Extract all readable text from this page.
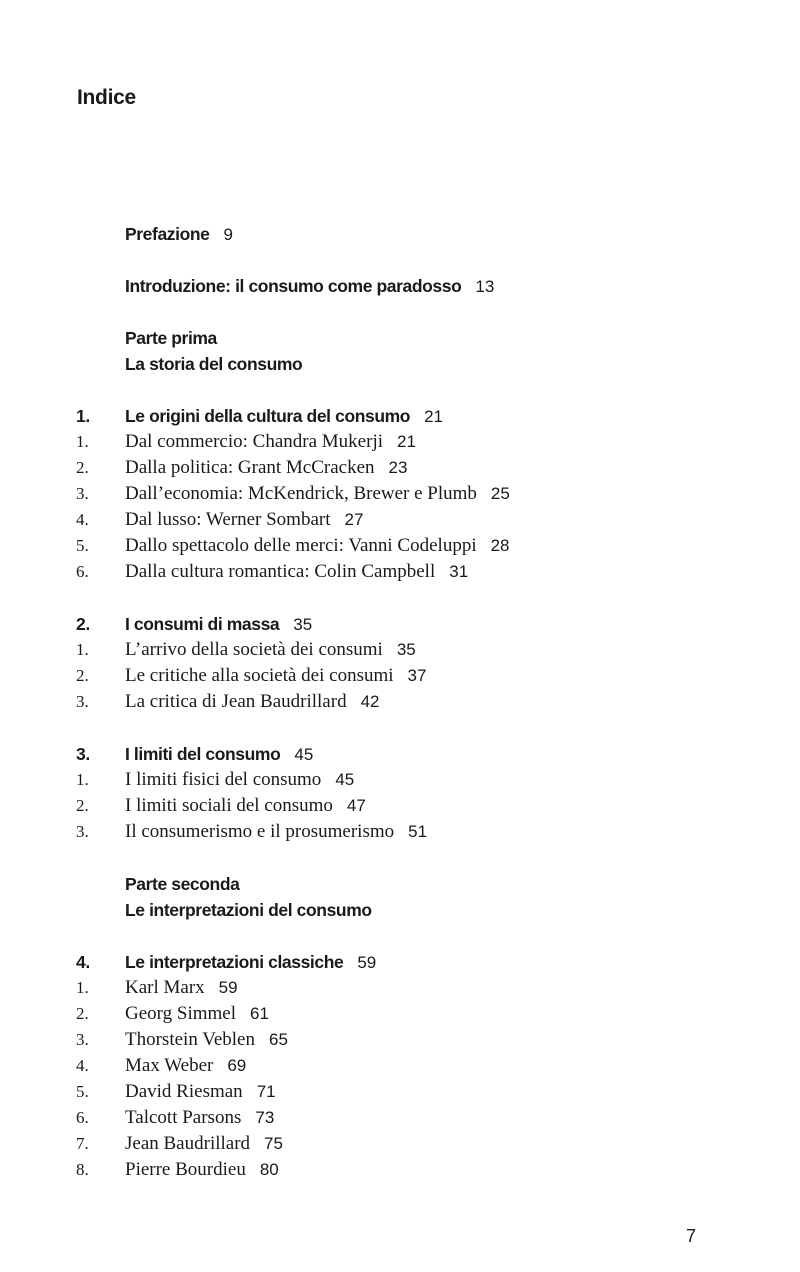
Indice
Prefazione 9
Introduzione: il consumo come paradosso 13
Parte prima
La storia del consumo
1.	Le origini della cultura del consumo 21
1.	Dal commercio: Chandra Mukerji 21
2.	Dalla politica: Grant McCracken 23
3.	Dall’economia: McKendrick, Brewer e Plumb 25
4.	Dal lusso: Werner Sombart 27
5.	Dallo spettacolo delle merci: Vanni Codeluppi 28
6.	Dalla cultura romantica: Colin Campbell 31
2.	I consumi di massa 35
1.	L’arrivo della società dei consumi 35
2.	Le critiche alla società dei consumi 37
3.	La critica di Jean Baudrillard 42
3.	I limiti del consumo 45
1.	I limiti fisici del consumo 45
2.	I limiti sociali del consumo 47
3.	Il consumerismo e il prosumerismo 51
Parte seconda
Le interpretazioni del consumo
4.	Le interpretazioni classiche 59
1.	Karl Marx 59
2.	Georg Simmel 61
3.	Thorstein Veblen 65
4.	Max Weber 69
5.	David Riesman 71
6.	Talcott Parsons 73
7.	Jean Baudrillard 75
8.	Pierre Bourdieu 80
7
